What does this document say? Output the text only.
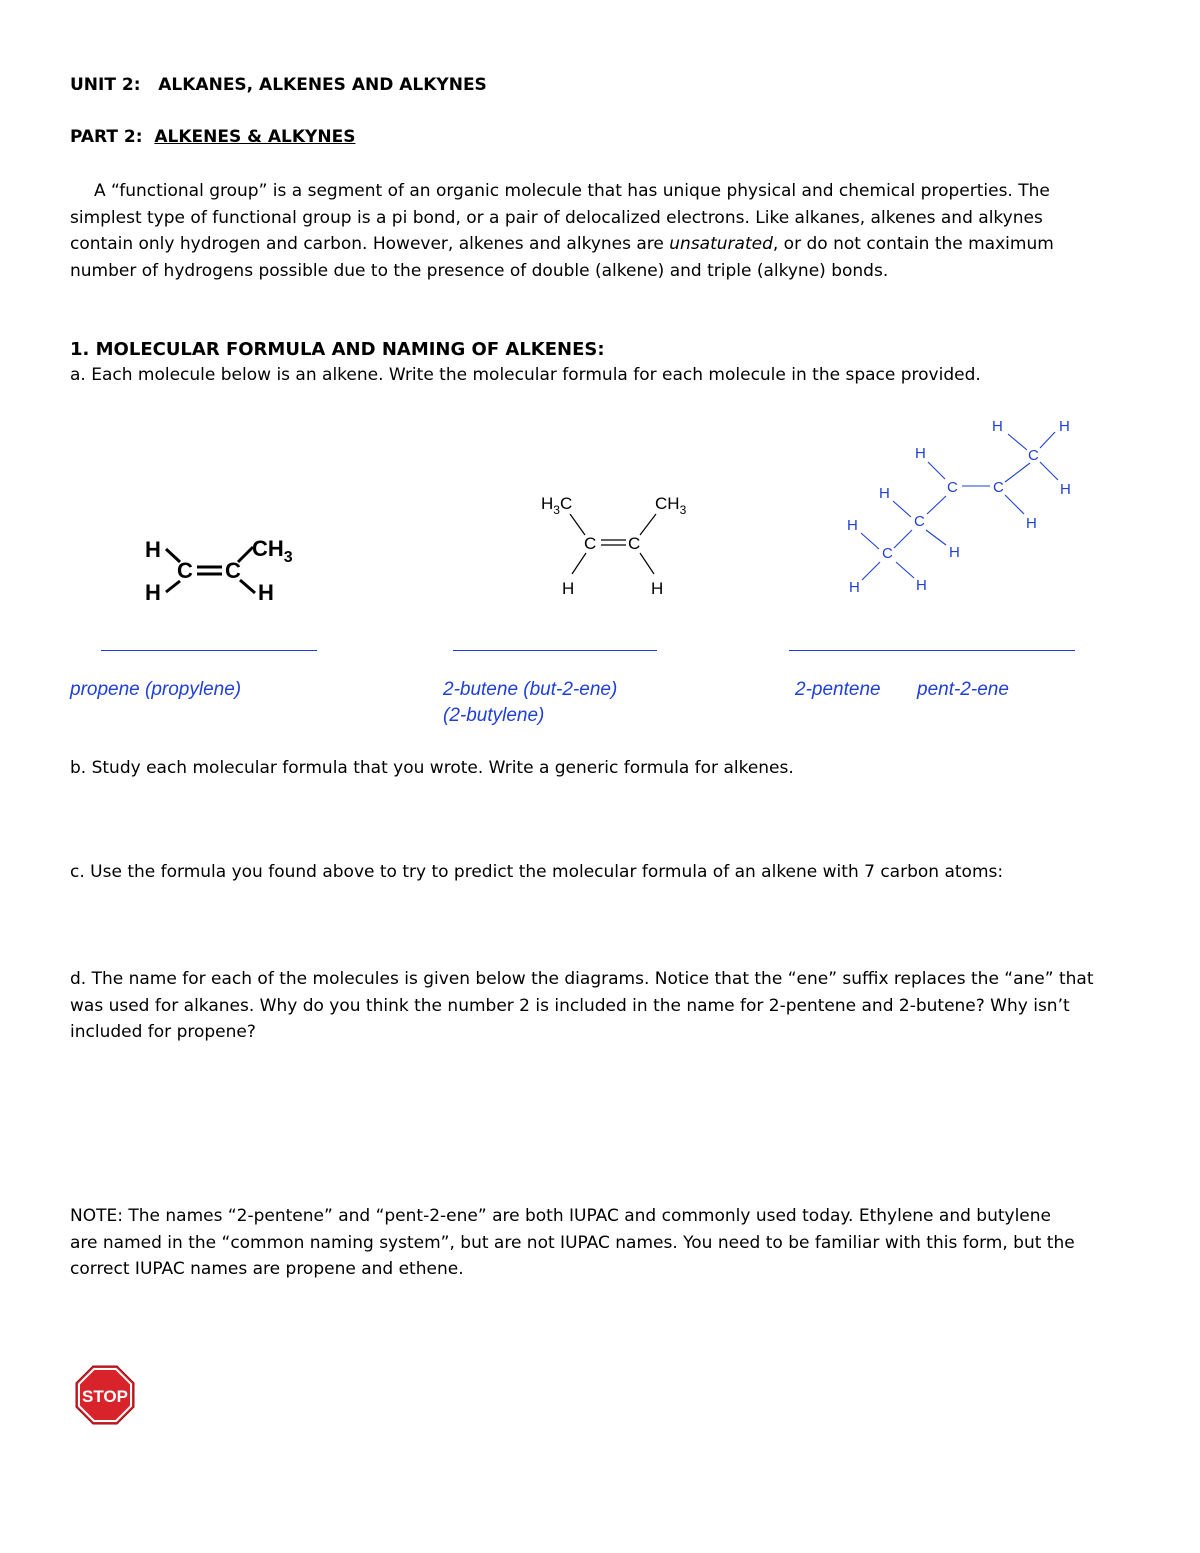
UNIT 2: ALKANES, ALKENES AND ALKYNES
PART 2: ALKENES & ALKYNES
A “functional group” is a segment of an organic molecule that has unique physical and chemical properties. The
simplest type of functional group is a pi bond, or a pair of delocalized electrons. Like alkanes, alkenes and alkynes
contain only hydrogen and carbon. However, alkenes and alkynes are unsaturated, or do not contain the maximum
number of hydrogens possible due to the presence of double (alkene) and triple (alkyne) bonds.
1. MOLECULAR FORMULA AND NAMING OF ALKENES:
a. Each molecule below is an alkene. Write the molecular formula for each molecule in the space provided.
H
H
C C
$CH_3$
H
$H_3C$	$CH_3$
C C
H	H
H	H
H	C
C C	H
H
C	H
H
C	H
H	H
propene (propylene)	2-butene (but-2-ene)
(2-butylene)
2-pentene pent-2-ene
b. Study each molecular formula that you wrote. Write a generic formula for alkenes.
c. Use the formula you found above to try to predict the molecular formula of an alkene with 7 carbon atoms:
d. The name for each of the molecules is given below the diagrams. Notice that the “ene” suffix replaces the “ane” that
was used for alkanes. Why do you think the number 2 is included in the name for 2-pentene and 2-butene? Why isn’t
included for propene?
NOTE: The names “2-pentene” and “pent-2-ene” are both IUPAC and commonly used today. Ethylene and butylene
are named in the “common naming system”, but are not IUPAC names. You need to be familiar with this form, but the
correct IUPAC names are propene and ethene.
STOP
